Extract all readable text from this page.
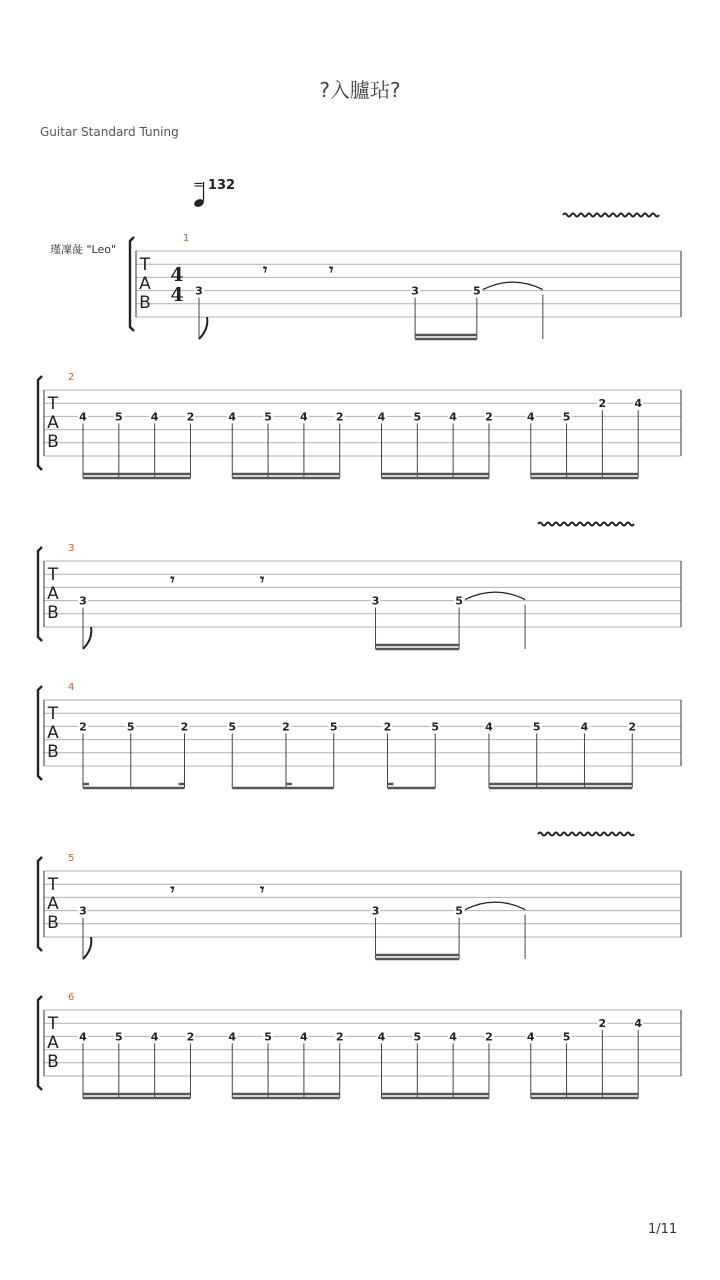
?入臚玷?
Guitar Standard Tuning
= 132
瑾凜彘 "Leo"
1/11
1
T
A
B
4
4
𝄾	𝄾
3	3	5
2
T
A
B
4	5	4	2	4	5	4	2	4	5	4	2	4	5
2	4
3
T
A
B
𝄾	𝄾
3	3	5
4
T
A
B
2	5	2	5	2	5	2	5	4	5	4	2
5
T
A
B
𝄾	𝄾
3	3	5
6
T
A
B
4	5	4	2	4	5	4	2	4	5	4	2	4	5
2	4
